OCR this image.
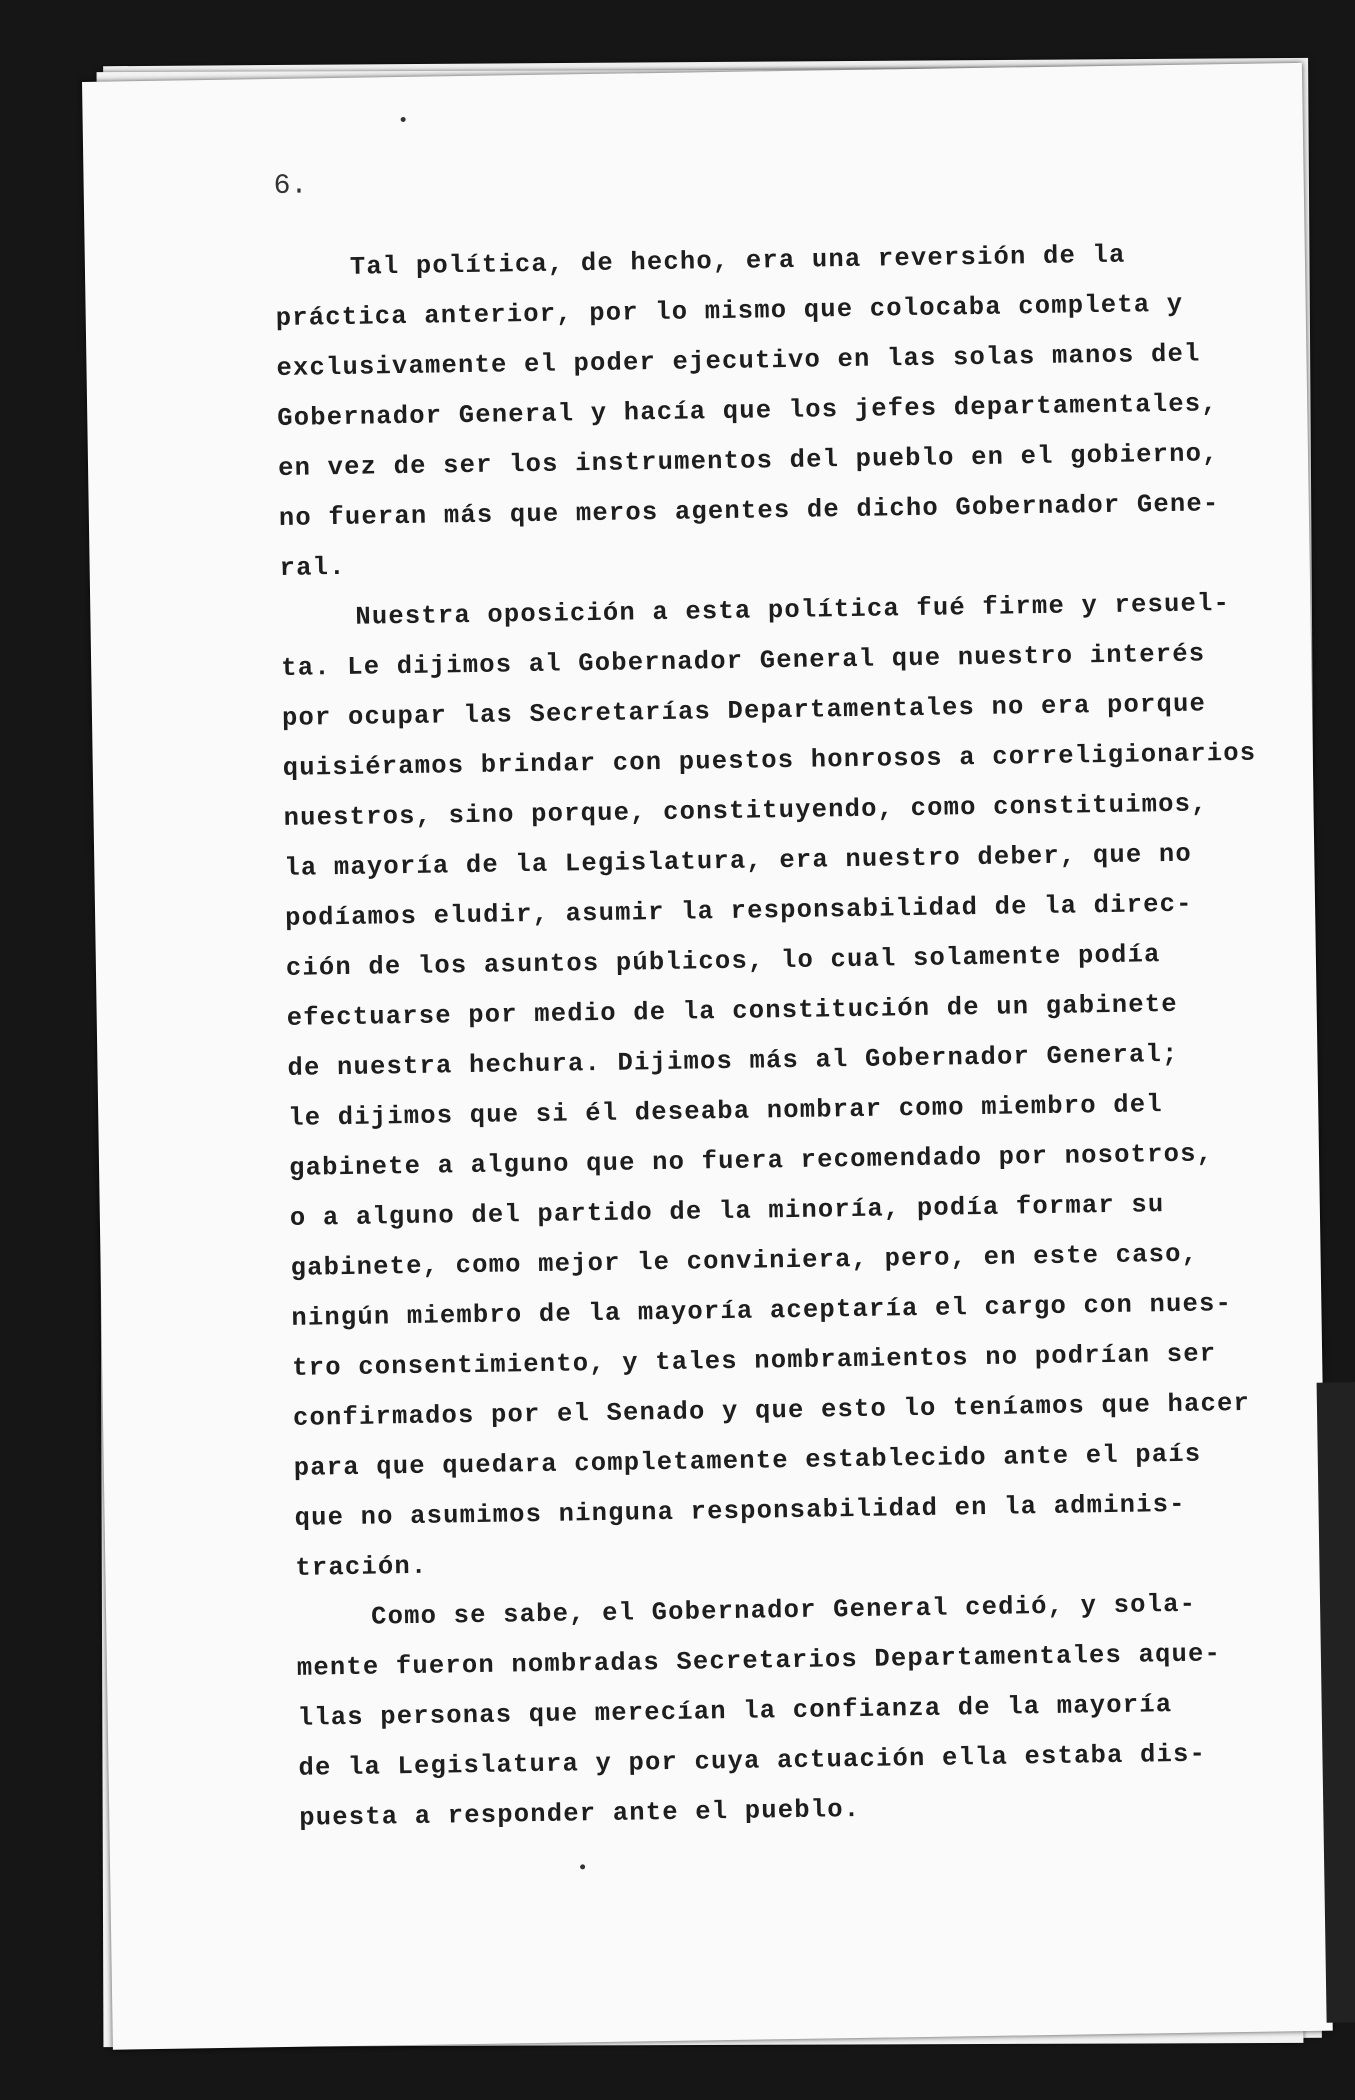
6.
Tal política, de hecho, era una reversión de la
práctica anterior, por lo mismo que colocaba completa y
exclusivamente el poder ejecutivo en las solas manos del
Gobernador General y hacía que los jefes departamentales,
en vez de ser los instrumentos del pueblo en el gobierno,
no fueran más que meros agentes de dicho Gobernador Gene-
ral.
Nuestra oposición a esta política fué firme y resuel-
ta. Le dijimos al Gobernador General que nuestro interés
por ocupar las Secretarías Departamentales no era porque
quisiéramos brindar con puestos honrosos a correligionarios
nuestros, sino porque, constituyendo, como constituimos,
la mayoría de la Legislatura, era nuestro deber, que no
podíamos eludir, asumir la responsabilidad de la direc-
ción de los asuntos públicos, lo cual solamente podía
efectuarse por medio de la constitución de un gabinete
de nuestra hechura. Dijimos más al Gobernador General;
le dijimos que si él deseaba nombrar como miembro del
gabinete a alguno que no fuera recomendado por nosotros,
o a alguno del partido de la minoría, podía formar su
gabinete, como mejor le conviniera, pero, en este caso,
ningún miembro de la mayoría aceptaría el cargo con nues-
tro consentimiento, y tales nombramientos no podrían ser
confirmados por el Senado y que esto lo teníamos que hacer
para que quedara completamente establecido ante el país
que no asumimos ninguna responsabilidad en la adminis-
tración.
Como se sabe, el Gobernador General cedió, y sola-
mente fueron nombradas Secretarios Departamentales aque-
llas personas que merecían la confianza de la mayoría
de la Legislatura y por cuya actuación ella estaba dis-
puesta a responder ante el pueblo.
